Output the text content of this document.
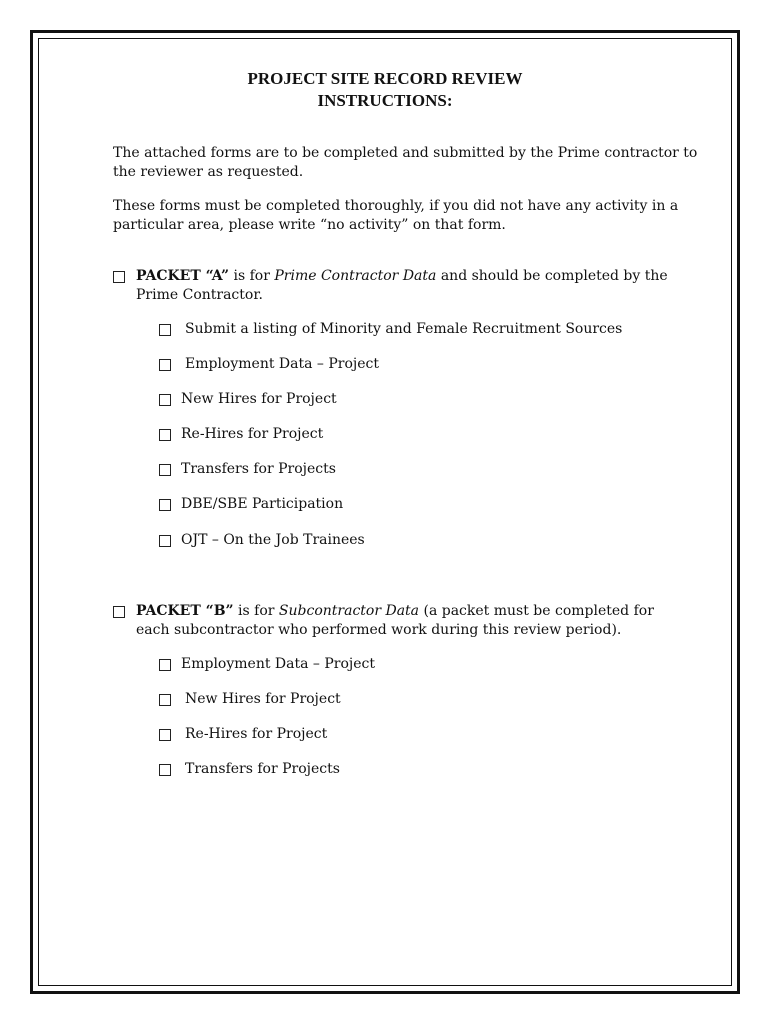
PROJECT SITE RECORD REVIEW
INSTRUCTIONS:
The attached forms are to be completed and submitted by the Prime contractor to
the reviewer as requested.
These forms must be completed thoroughly, if you did not have any activity in a
particular area, please write “no activity” on that form.
PACKET “A” is for Prime Contractor Data and should be completed by the
Prime Contractor.
Submit a listing of Minority and Female Recruitment Sources
Employment Data – Project
New Hires for Project
Re-Hires for Project
Transfers for Projects
DBE/SBE Participation
OJT – On the Job Trainees
PACKET “B” is for Subcontractor Data (a packet must be completed for
each subcontractor who performed work during this review period).
Employment Data – Project
New Hires for Project
Re-Hires for Project
Transfers for Projects
